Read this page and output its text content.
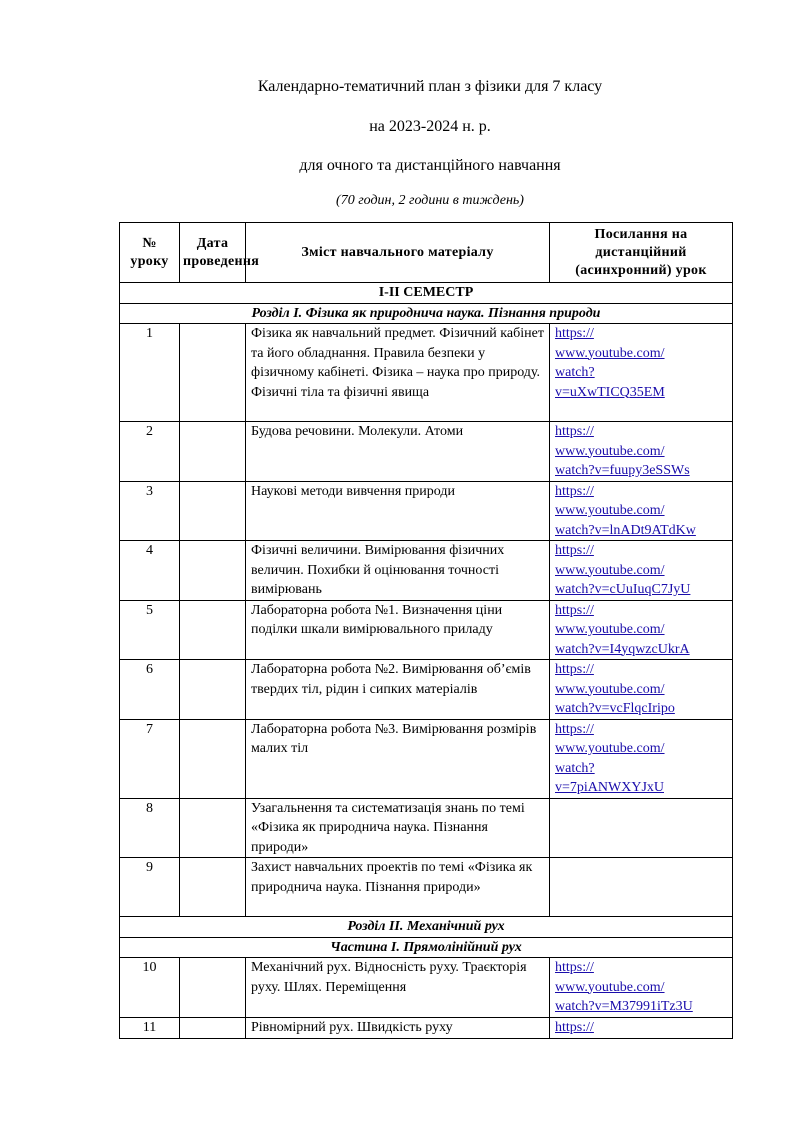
Календарно-тематичний план з фізики для 7 класу
на 2023-2024 н. р.
для очного та дистанційного навчання
(70 годин, 2 години в тиждень)
№ уроку	Дата проведення	Зміст навчального матеріалу	Посилання на дистанційний (асинхронний) урок
I-II СЕМЕСТР			
Розділ І. Фізика як природнича наука. Пізнання природи			
1		Фізика як навчальний предмет. Фізичний кабінет та його обладнання. Правила безпеки у фізичному кабінеті. Фізика – наука про природу. Фізичні тіла та фізичні явища	https://
www.youtube.com/
watch?
v=uXwTICQ35EM
2		Будова речовини. Молекули. Атоми	https://
www.youtube.com/
watch?v=fuupy3eSSWs
3		Наукові методи вивчення природи	https://
www.youtube.com/
watch?v=lnADt9ATdKw
4		Фізичні величини. Вимірювання фізичних величин. Похибки й оцінювання точності вимірювань	https://
www.youtube.com/
watch?v=cUuIuqC7JyU
5		Лабораторна робота №1. Визначення ціни поділки шкали вимірювального приладу	https://
www.youtube.com/
watch?v=I4yqwzcUkrA
6		Лабораторна робота №2. Вимірювання об’ємів твердих тіл, рідин і сипких матеріалів	https://
www.youtube.com/
watch?v=vcFlqcIripo
7		Лабораторна робота №3. Вимірювання розмірів малих тіл	https://
www.youtube.com/
watch?
v=7piANWXYJxU
8		Узагальнення та систематизація знань по темі «Фізика як природнича наука. Пізнання природи»	
9		Захист навчальних проектів по темі «Фізика як природнича наука. Пізнання природи»	
Розділ ІІ. Механічний рух			
Частина І. Прямолінійний рух			
10		Механічний рух. Відносність руху. Траєкторія руху. Шлях. Переміщення	https://
www.youtube.com/
watch?v=M37991iTz3U
11		Рівномірний рух. Швидкість руху	https://
